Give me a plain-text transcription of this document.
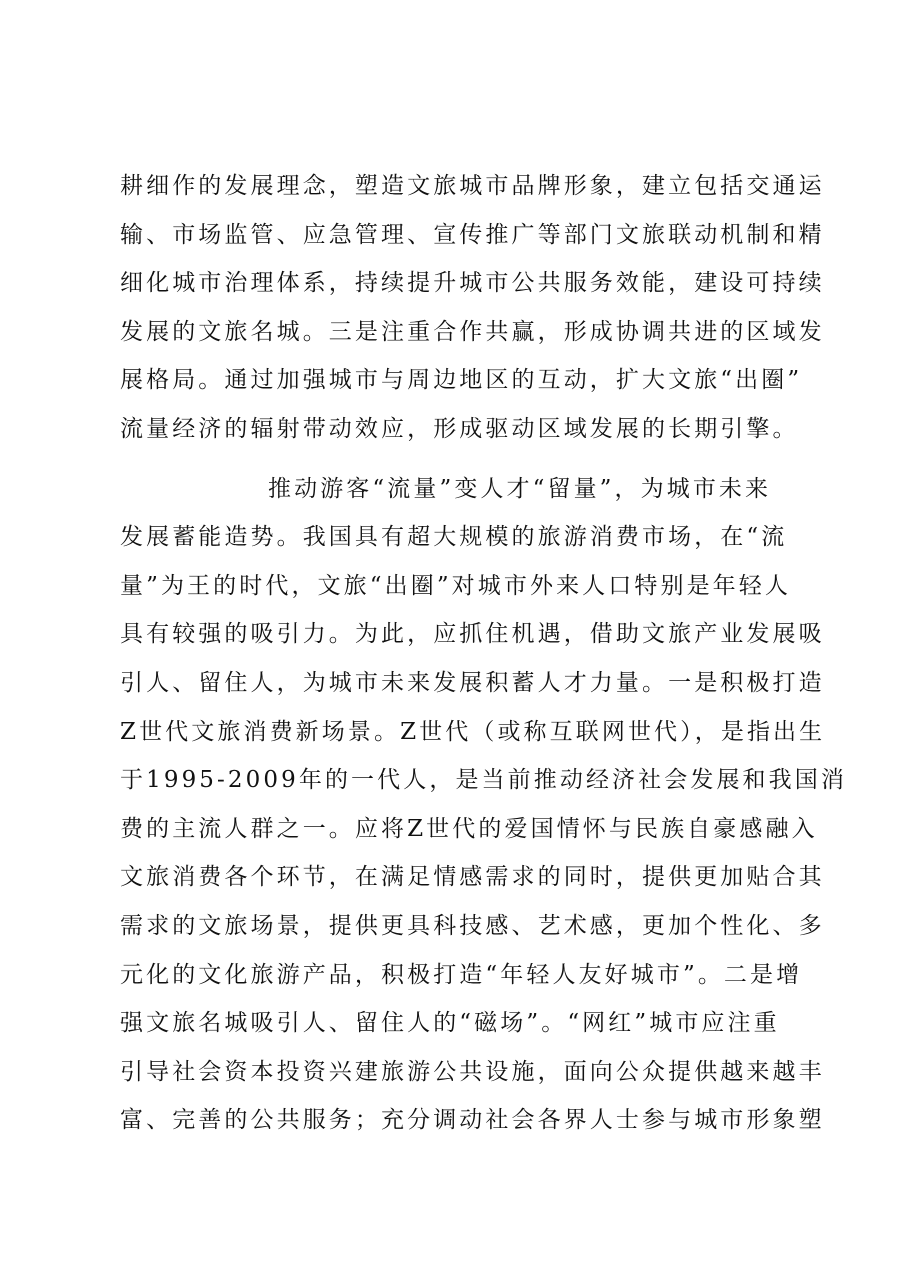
耕细作的发展理念，塑造文旅城市品牌形象，建立包括交通运
输、市场监管、应急管理、宣传推广等部门文旅联动机制和精
细化城市治理体系，持续提升城市公共服务效能，建设可持续
发展的文旅名城。三是注重合作共赢，形成协调共进的区域发
展格局。通过加强城市与周边地区的互动，扩大文旅“出圈”
流量经济的辐射带动效应，形成驱动区域发展的长期引擎。
推动游客“流量”变人才“留量”，为城市未来
发展蓄能造势。我国具有超大规模的旅游消费市场，在“流
量”为王的时代，文旅“出圈”对城市外来人口特别是年轻人
具有较强的吸引力。为此，应抓住机遇，借助文旅产业发展吸
引人、留住人，为城市未来发展积蓄人才力量。一是积极打造
Z世代文旅消费新场景。Z世代（或称互联网世代），是指出生
于1995-2009年的一代人，是当前推动经济社会发展和我国消
费的主流人群之一。应将Z世代的爱国情怀与民族自豪感融入
文旅消费各个环节，在满足情感需求的同时，提供更加贴合其
需求的文旅场景，提供更具科技感、艺术感，更加个性化、多
元化的文化旅游产品，积极打造“年轻人友好城市”。二是增
强文旅名城吸引人、留住人的“磁场”。“网红”城市应注重
引导社会资本投资兴建旅游公共设施，面向公众提供越来越丰
富、完善的公共服务；充分调动社会各界人士参与城市形象塑
